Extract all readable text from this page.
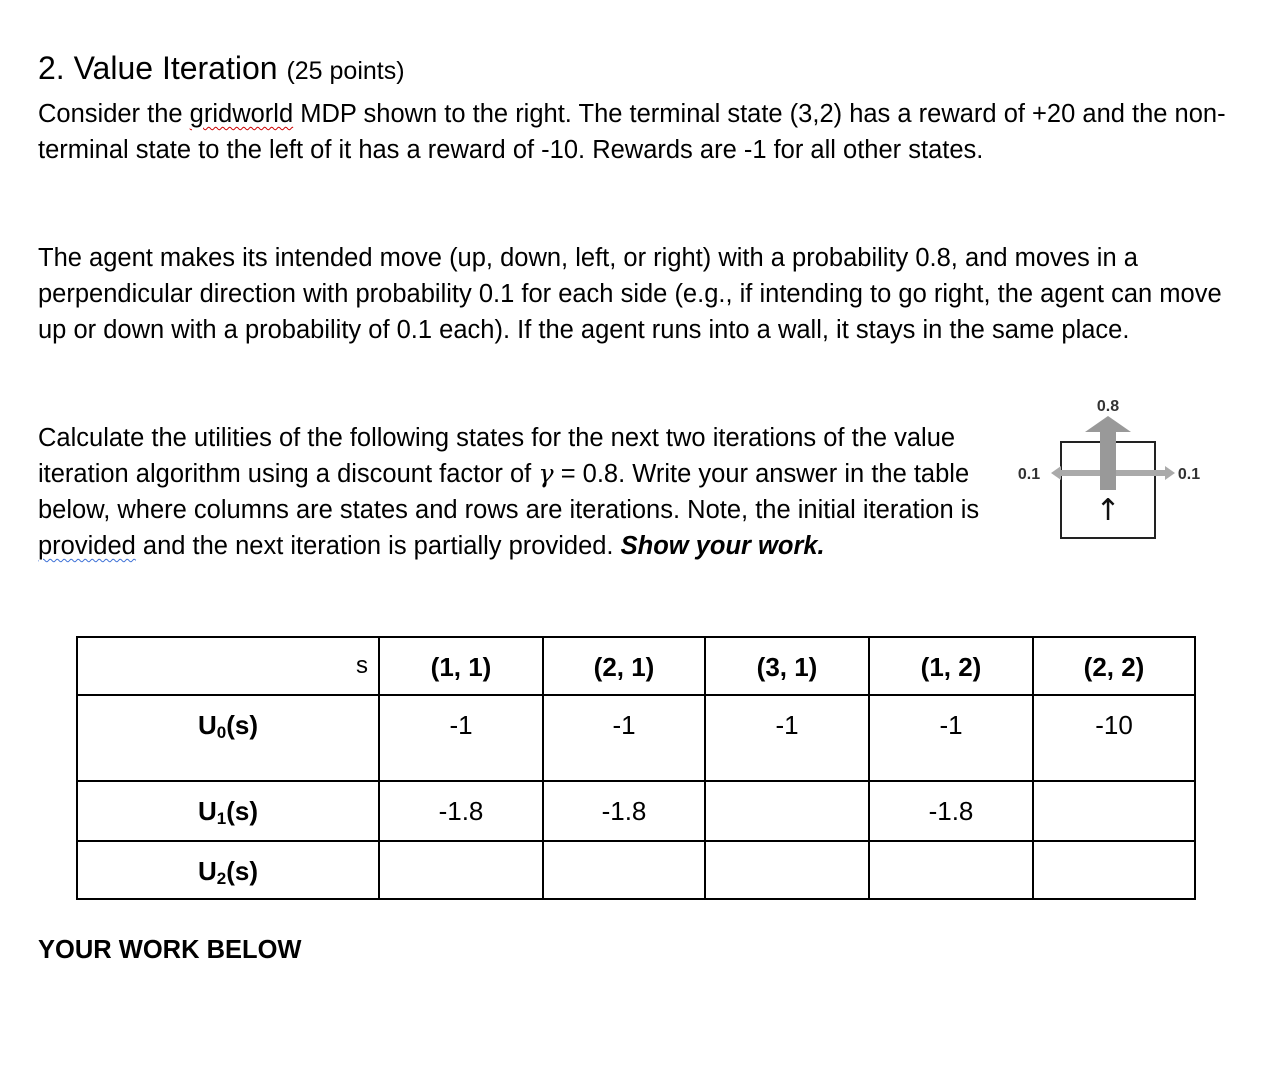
2. Value Iteration (25 points)
Consider the gridworld MDP shown to the right. The terminal state (3,2) has a reward of +20 and the non-terminal state to the left of it has a reward of -10. Rewards are -1 for all other states.
The agent makes its intended move (up, down, left, or right) with a probability 0.8, and moves in a perpendicular direction with probability 0.1 for each side (e.g., if intending to go right, the agent can move up or down with a probability of 0.1 each). If the agent runs into a wall, it stays in the same place.
Calculate the utilities of the following states for the next two iterations of the value iteration algorithm using a discount factor of γ = 0.8. Write your answer in the table below, where columns are states and rows are iterations. Note, the initial iteration is provided and the next iteration is partially provided. Show your work.
0.8
0.1	0.1
↑
s	(1, 1)	(2, 1)	(3, 1)	(1, 2)	(2, 2)

$U_0(s)$	-1	-1	-1	-1	-10

$U_1(s)$	-1.8	-1.8		-1.8	

$U_2(s)$					

YOUR WORK BELOW
